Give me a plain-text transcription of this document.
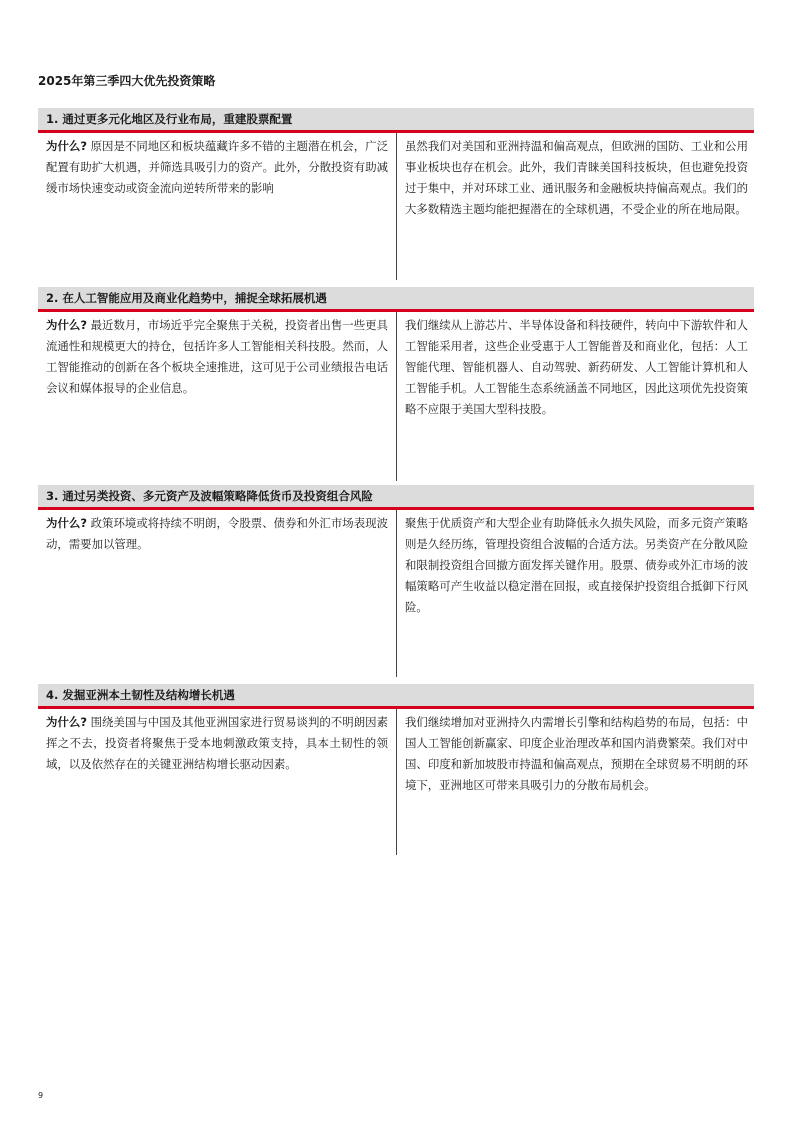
2025年第三季四大优先投资策略
1. 通过更多元化地区及行业布局，重建股票配置
为什么? 原因是不同地区和板块蕴藏许多不错的主题潜在机会，广泛配置有助扩大机遇，并筛选具吸引力的资产。此外，分散投资有助减缓市场快速变动或资金流向逆转所带来的影响
虽然我们对美国和亚洲持温和偏高观点，但欧洲的国防、工业和公用事业板块也存在机会。此外，我们青睐美国科技板块，但也避免投资过于集中，并对环球工业、通讯服务和金融板块持偏高观点。我们的大多数精选主题均能把握潜在的全球机遇，不受企业的所在地局限。
2. 在人工智能应用及商业化趋势中，捕捉全球拓展机遇
为什么? 最近数月，市场近乎完全聚焦于关税，投资者出售一些更具流通性和规模更大的持仓，包括许多人工智能相关科技股。然而，人工智能推动的创新在各个板块全速推进，这可见于公司业绩报告电话会议和媒体报导的企业信息。
我们继续从上游芯片、半导体设备和科技硬件，转向中下游软件和人工智能采用者，这些企业受惠于人工智能普及和商业化，包括：人工智能代理、智能机器人、自动驾驶、新药研发、人工智能计算机和人工智能手机。人工智能生态系统涵盖不同地区，因此这项优先投资策略不应限于美国大型科技股。
3. 通过另类投资、多元资产及波幅策略降低货币及投资组合风险
为什么? 政策环境或将持续不明朗，令股票、债券和外汇市场表现波动，需要加以管理。
聚焦于优质资产和大型企业有助降低永久损失风险，而多元资产策略则是久经历练，管理投资组合波幅的合适方法。另类资产在分散风险和限制投资组合回撤方面发挥关键作用。股票、债券或外汇市场的波幅策略可产生收益以稳定潜在回报，或直接保护投资组合抵御下行风险。
4. 发掘亚洲本土韧性及结构增长机遇
为什么? 围绕美国与中国及其他亚洲国家进行贸易谈判的不明朗因素挥之不去，投资者将聚焦于受本地刺激政策支持，具本土韧性的领域，以及依然存在的关键亚洲结构增长驱动因素。
我们继续增加对亚洲持久内需增长引擎和结构趋势的布局，包括：中国人工智能创新赢家、印度企业治理改革和国内消费繁荣。我们对中国、印度和新加坡股市持温和偏高观点，预期在全球贸易不明朗的环境下，亚洲地区可带来具吸引力的分散布局机会。
9
